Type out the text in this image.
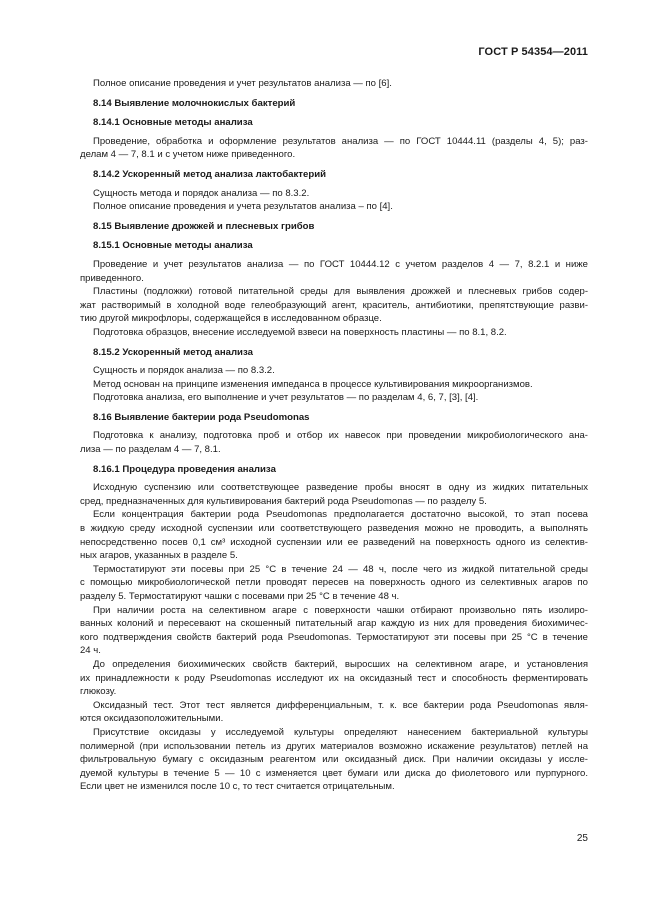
ГОСТ Р 54354—2011
Полное описание проведения и учет результатов анализа — по [6].
8.14 Выявление молочнокислых бактерий
8.14.1 Основные методы анализа
Проведение, обработка и оформление результатов анализа — по ГОСТ 10444.11 (разделы 4, 5); раз-
делам 4 — 7, 8.1 и с учетом ниже приведенного.
8.14.2 Ускоренный метод анализа лактобактерий
Сущность метода и порядок анализа — по 8.3.2.
Полное описание проведения и учета результатов анализа – по [4].
8.15 Выявление дрожжей и плесневых грибов
8.15.1 Основные методы анализа
Проведение и учет результатов анализа — по ГОСТ 10444.12 с учетом разделов 4 — 7, 8.2.1 и ниже
приведенного.
Пластины (подложки) готовой питательной среды для выявления дрожжей и плесневых грибов содер-
жат растворимый в холодной воде гелеобразующий агент, краситель, антибиотики, препятствующие разви-
тию другой микрофлоры, содержащейся в исследованном образце.
Подготовка образцов, внесение исследуемой взвеси на поверхность пластины — по 8.1, 8.2.
8.15.2 Ускоренный метод анализа
Сущность и порядок анализа — по 8.3.2.
Метод основан на принципе изменения импеданса в процессе культивирования микроорганизмов.
Подготовка анализа, его выполнение и учет результатов — по разделам 4, 6, 7, [3], [4].
8.16 Выявление бактерии рода Pseudomonas
Подготовка к анализу, подготовка проб и отбор их навесок при проведении микробиологического ана-
лиза — по разделам 4 — 7, 8.1.
8.16.1 Процедура проведения анализа
Исходную суспензию или соответствующее разведение пробы вносят в одну из жидких питательных
сред, предназначенных для культивирования бактерий рода Pseudomonas — по разделу 5.
Если концентрация бактерии рода Pseudomonas предполагается достаточно высокой, то этап посева
в жидкую среду исходной суспензии или соответствующего разведения можно не проводить, а выполнять
непосредственно посев 0,1 см³ исходной суспензии или ее разведений на поверхность одного из селектив-
ных агаров, указанных в разделе 5.
Термостатируют эти посевы при 25 °С в течение 24 — 48 ч, после чего из жидкой питательной среды
с помощью микробиологической петли проводят пересев на поверхность одного из селективных агаров по
разделу 5. Термостатируют чашки с посевами при 25 °С в течение 48 ч.
При наличии роста на селективном агаре с поверхности чашки отбирают произвольно пять изолиро-
ванных колоний и пересевают на скошенный питательный агар каждую из них для проведения биохимичес-
кого подтверждения свойств бактерий рода Pseudomonas. Термостатируют эти посевы при 25 °С в течение
24 ч.
До определения биохимических свойств бактерий, выросших на селективном агаре, и установления
их принадлежности к роду Pseudomonas исследуют их на оксидазный тест и способность ферментировать
глюкозу.
Оксидазный тест. Этот тест является дифференциальным, т. к. все бактерии рода Pseudomonas явля-
ются оксидазоположительными.
Присутствие оксидазы у исследуемой культуры определяют нанесением бактериальной культуры
полимерной (при использовании петель из других материалов возможно искажение результатов) петлей на
фильтровальную бумагу с оксидазным реагентом или оксидазный диск. При наличии оксидазы у иссле-
дуемой культуры в течение 5 — 10 с изменяется цвет бумаги или диска до фиолетового или пурпурного.
Если цвет не изменился после 10 с, то тест считается отрицательным.
25
